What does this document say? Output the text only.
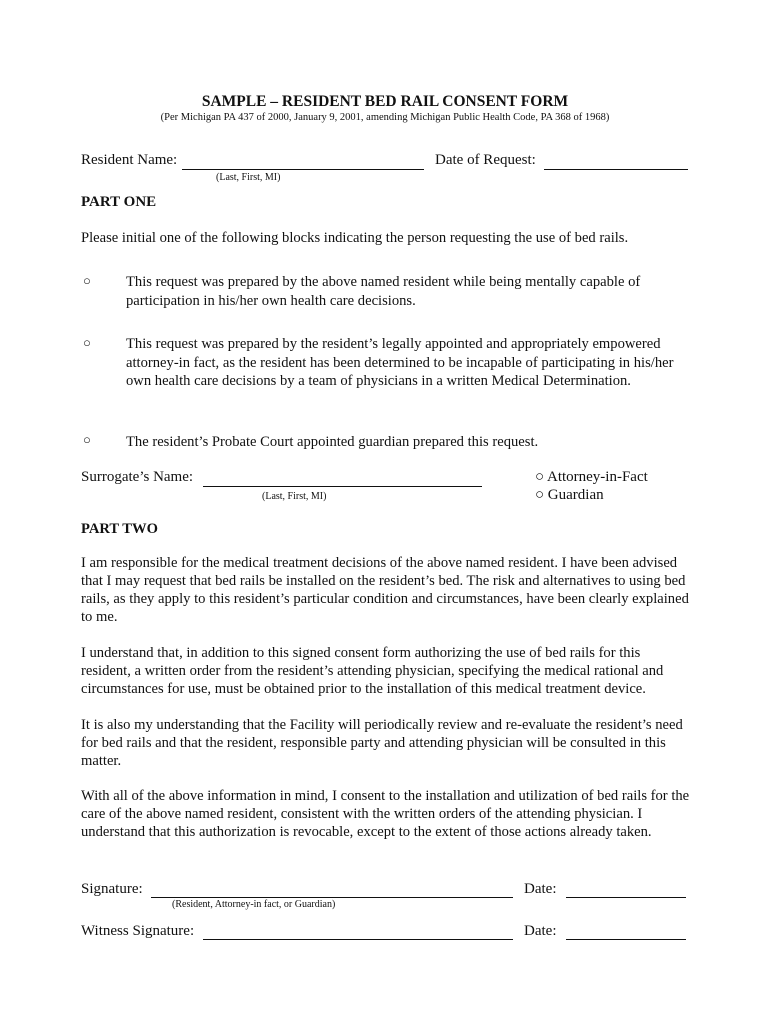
SAMPLE – RESIDENT BED RAIL CONSENT FORM
(Per Michigan PA 437 of 2000, January 9, 2001, amending Michigan Public Health Code, PA 368 of 1968)
Resident Name:
(Last, First, MI)
Date of Request:
PART ONE
Please initial one of the following blocks indicating the person requesting the use of bed rails.
○ This request was prepared by the above named resident while being mentally capable of participation in his/her own health care decisions.
○ This request was prepared by the resident’s legally appointed and appropriately empowered attorney-in fact, as the resident has been determined to be incapable of participating in his/her own health care decisions by a team of physicians in a written Medical Determination.
○ The resident’s Probate Court appointed guardian prepared this request.
Surrogate’s Name:
(Last, First, MI)
○ Attorney-in-Fact
○ Guardian
PART TWO
I am responsible for the medical treatment decisions of the above named resident. I have been advised that I may request that bed rails be installed on the resident’s bed. The risk and alternatives to using bed rails, as they apply to this resident’s particular condition and circumstances, have been clearly explained to me.
I understand that, in addition to this signed consent form authorizing the use of bed rails for this resident, a written order from the resident’s attending physician, specifying the medical rational and circumstances for use, must be obtained prior to the installation of this medical treatment device.
It is also my understanding that the Facility will periodically review and re-evaluate the resident’s need for bed rails and that the resident, responsible party and attending physician will be consulted in this matter.
With all of the above information in mind, I consent to the installation and utilization of bed rails for the care of the above named resident, consistent with the written orders of the attending physician. I understand that this authorization is revocable, except to the extent of those actions already taken.
Signature:
(Resident, Attorney-in fact, or Guardian)
Date:
Witness Signature:	Date:
